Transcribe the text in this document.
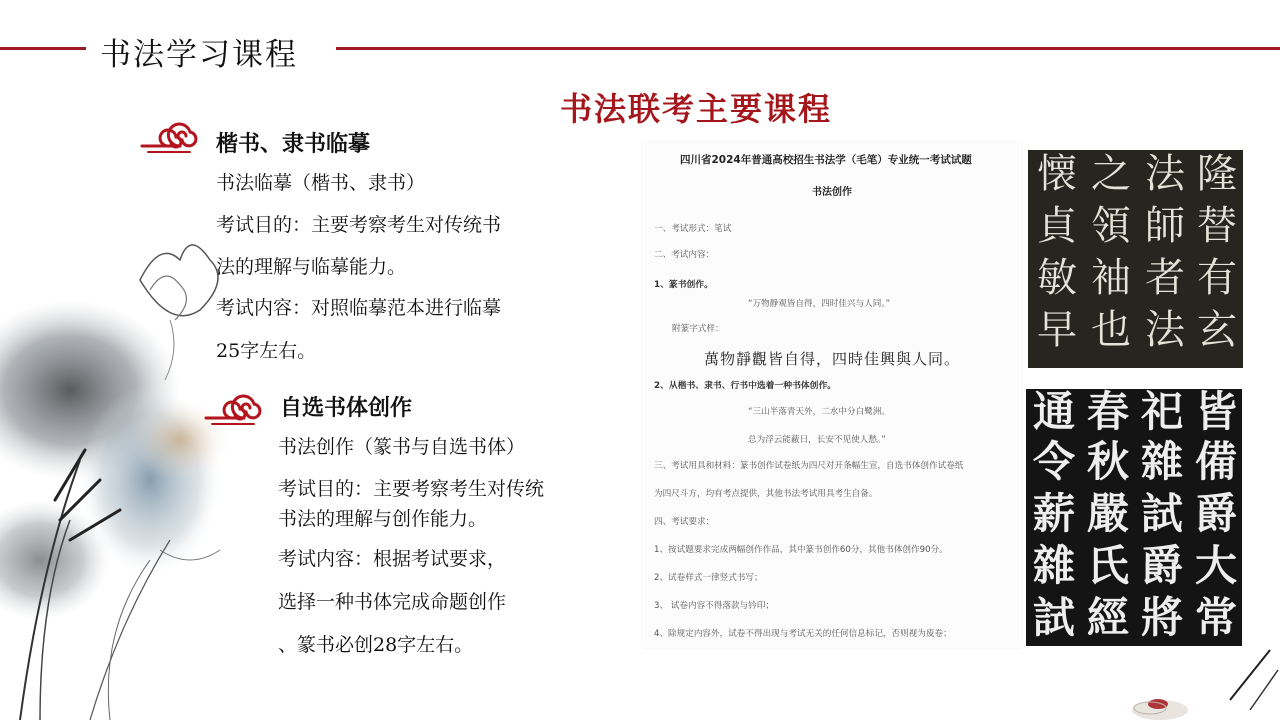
书法学习课程
书法联考主要课程
楷书、隶书临摹
书法临摹（楷书、隶书）
考试目的：主要考察考生对传统书
法的理解与临摹能力。
考试内容：对照临摹范本进行临摹
25字左右。
自选书体创作
书法创作（篆书与自选书体）
考试目的：主要考察考生对传统
书法的理解与创作能力。
考试内容：根据考试要求，
选择一种书体完成命题创作
、篆书必创28字左右。
四川省2024年普通高校招生书法学（毛笔）专业统一考试试题
书法创作
一、考试形式：笔试
二、考试内容：
1、篆书创作。
“万物静观皆自得，四时佳兴与人同。”
附篆字式样：
萬物靜觀皆自得，四時佳興與人同。
2、从楷书、隶书、行书中选着一种书体创作。
“三山半落青天外，二水中分白鹭洲。
总为浮云能蔽日，长安不见使人愁。”
三、考试用具和材料：篆书创作试卷纸为四尺对开条幅生宣，自选书体创作试卷纸
为四尺斗方，均有考点提供，其他书法考试用具考生自备。
四、考试要求：
1、按试题要求完成两幅创作作品，其中篆书创作60分，其他书体创作90分。
2、试卷样式一律竖式书写；
3、 试卷内容不得落款与钤印；
4、除规定内容外，试卷不得出现与考试无关的任何信息标记，否则视为废卷；
懐
貞
敏
早
之
領
袖
也
法
師
者
法
隆
替
有
玄
通
令
薪
雜
試
春
秋
嚴
氏
經
祀
雜
試
爵
將
皆
備
爵
大
常
